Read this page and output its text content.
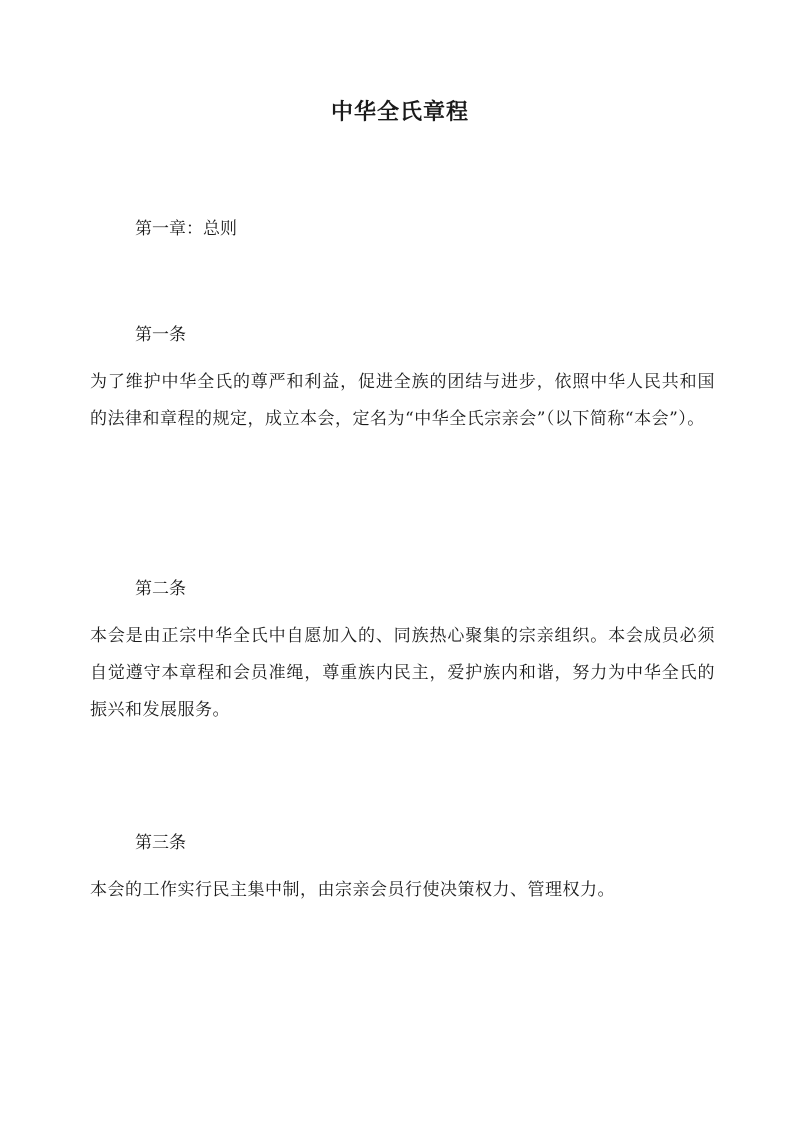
中华全氏章程
第一章：总则
第一条
为了维护中华全氏的尊严和利益，促进全族的团结与进步，依照中华人民共和国的法律和章程的规定，成立本会，定名为“中华全氏宗亲会”（以下简称“本会”）。
第二条
本会是由正宗中华全氏中自愿加入的、同族热心聚集的宗亲组织。本会成员必须自觉遵守本章程和会员准绳，尊重族内民主，爱护族内和谐，努力为中华全氏的振兴和发展服务。
第三条
本会的工作实行民主集中制，由宗亲会员行使决策权力、管理权力。
